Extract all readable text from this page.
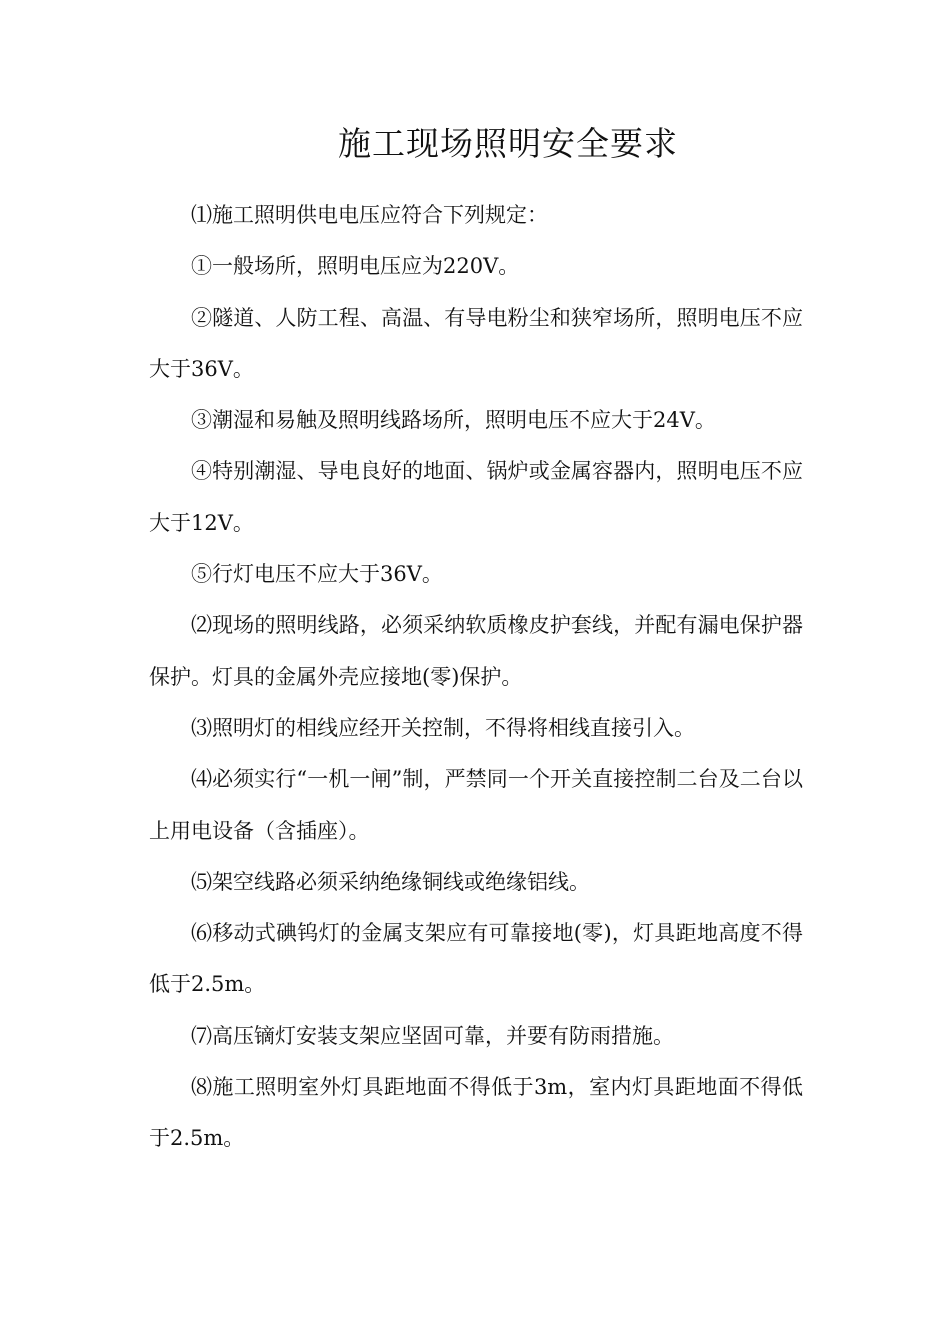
施工现场照明安全要求

⑴施工照明供电电压应符合下列规定：

①一般场所，照明电压应为220V。

②隧道、人防工程、高温、有导电粉尘和狭窄场所，照明电压不应大于36V。

③潮湿和易触及照明线路场所，照明电压不应大于24V。

④特别潮湿、导电良好的地面、锅炉或金属容器内，照明电压不应大于12V。

⑤行灯电压不应大于36V。

⑵现场的照明线路，必须采纳软质橡皮护套线，并配有漏电保护器保护。灯具的金属外壳应接地(零)保护。

⑶照明灯的相线应经开关控制，不得将相线直接引入。

⑷必须实行“一机一闸”制，严禁同一个开关直接控制二台及二台以上用电设备（含插座）。

⑸架空线路必须采纳绝缘铜线或绝缘铝线。

⑹移动式碘钨灯的金属支架应有可靠接地(零)，灯具距地高度不得低于2.5m。

⑺高压镝灯安装支架应坚固可靠，并要有防雨措施。

⑻施工照明室外灯具距地面不得低于3m，室内灯具距地面不得低于2.5m。
